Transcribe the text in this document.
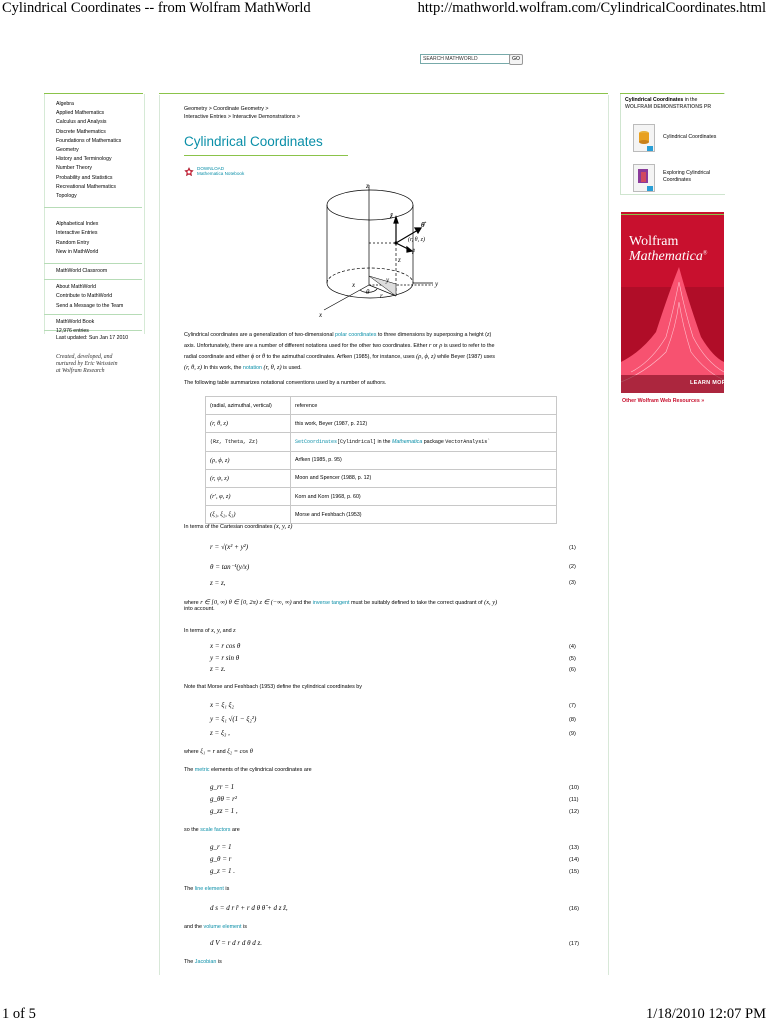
Cylindrical Coordinates -- from Wolfram MathWorld	http://mathworld.wolfram.com/CylindricalCoordinates.html
1 of 5	1/18/2010 12:07 PM
SEARCH MATHWORLD	GO
Algebra
Applied Mathematics
Calculus and Analysis
Discrete Mathematics
Foundations of Mathematics
Geometry
History and Terminology
Number Theory
Probability and Statistics
Recreational Mathematics
Topology
Alphabetical Index
Interactive Entries
Random Entry
New in MathWorld
MathWorld Classroom
About MathWorld
Contribute to MathWorld
Send a Message to the Team
MathWorld Book
12,976 entries
Last updated: Sun Jan 17 2010
Created, developed, and
nurtured by Eric Weisstein
at Wolfram Research
Geometry > Coordinate Geometry >
Interactive Entries > Interactive Demonstrations >
Cylindrical Coordinates
DOWNLOAD
Mathematica Notebook
z
y
y
x
x
θ r
z
ẑ
θ̂
r̂
(r, θ, z)
Cylindrical coordinates are a generalization of two-dimensional polar coordinates to three dimensions by superposing a height (z)
axis. Unfortunately, there are a number of different notations used for the other two coordinates. Either r or ρ is used to refer to the
radial coordinate and either ϕ or θ to the azimuthal coordinates. Arfken (1985), for instance, uses (ρ, ϕ, z) while Beyer (1987) uses
(r, θ, z) In this work, the notation (r, θ, z) is used.
The following table summarizes notational conventions used by a number of authors.
(radial, azimuthal, vertical)	reference
(r, θ, z)	this work, Beyer (1987, p. 212)
(Rz, Ttheta, Zz)	SetCoordinates[Cylindrical] in the Mathematica package VectorAnalysis`
(ρ, ϕ, z)	Arfken (1985, p. 95)
(r, ψ, z)	Moon and Spencer (1988, p. 12)
(r', φ, z)	Korn and Korn (1968, p. 60)
(ξ₁, ξ₂, ξ₃)	Morse and Feshbach (1953)
In terms of the Cartesian coordinates (x, y, z)
r = √(x² + y²)	(1)
θ = tan⁻¹(y/x)	(2)
z = z,	(3)
where r ∈ [0, ∞) θ ∈ [0, 2π) z ∈ (−∞, ∞) and the inverse tangent must be suitably defined to take the correct quadrant of (x, y)
into account.
In terms of x, y, and z
x = r cos θ	(4)
y = r sin θ	(5)
z = z.	(6)
Note that Morse and Feshbach (1953) define the cylindrical coordinates by
x = ξ₁ ξ₂	(7)
y = ξ₁ √(1 − ξ₂²)	(8)
z = ξ₃ ,	(9)
where ξ₁ = r and ξ₂ = cos θ
The metric elements of the cylindrical coordinates are
g_rr = 1	(10)
g_θθ = r²	(11)
g_zz = 1 ,	(12)
so the scale factors are
g_r = 1	(13)
g_θ = r	(14)
g_z = 1 .	(15)
The line element is
d s = d r r̂ + r d θ θ̂ + d z ẑ,	(16)
and the volume element is
d V = r d r d θ d z.	(17)
The Jacobian is
Cylindrical Coordinates in the
WOLFRAM DEMONSTRATIONS PR
Cylindrical Coordinates
Exploring Cylindrical
Coordinates
Wolfram
Mathematica®
LEARN MOR
Other Wolfram Web Resources »
